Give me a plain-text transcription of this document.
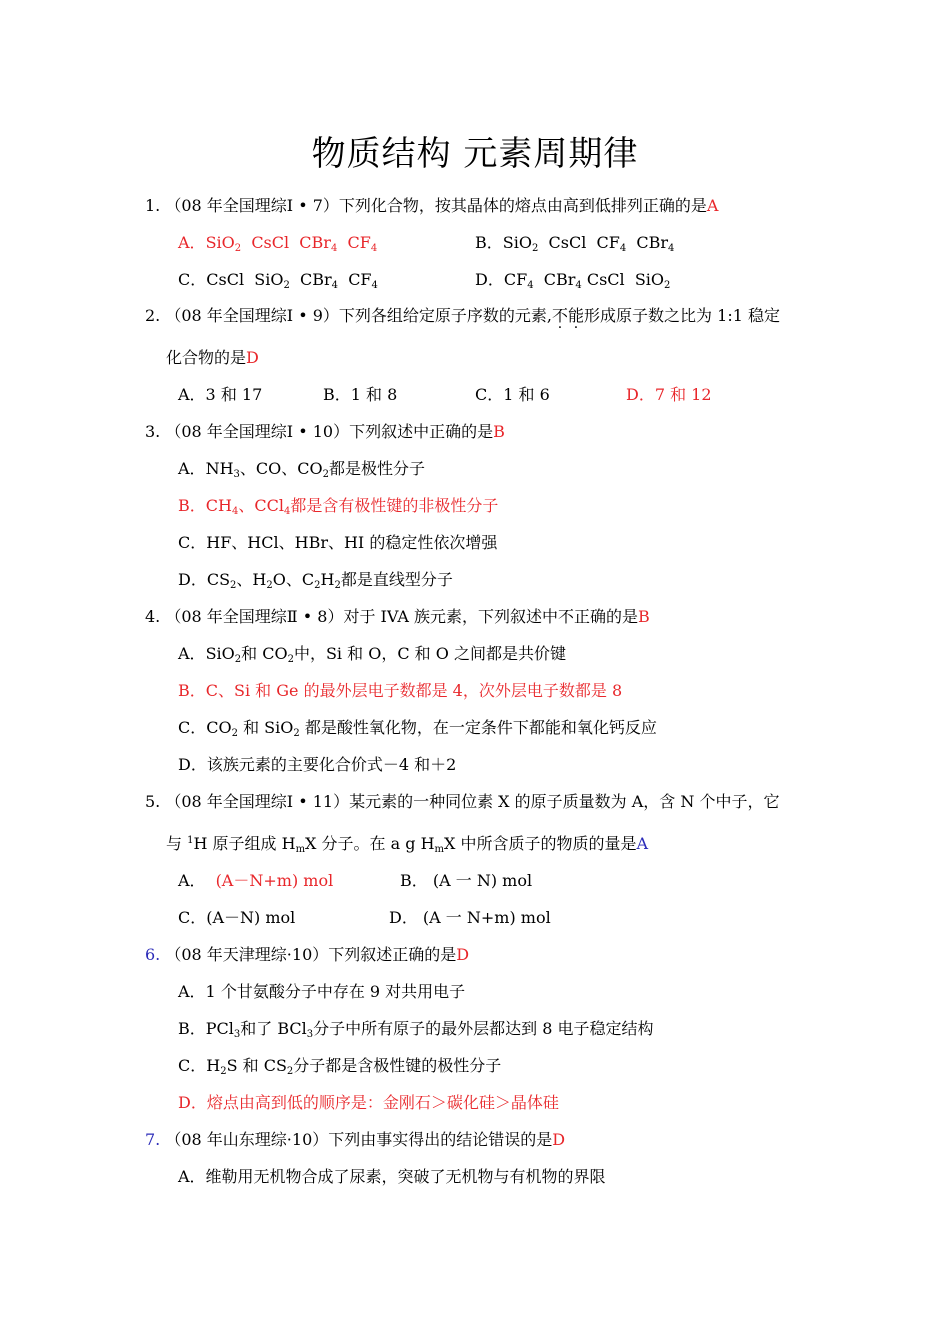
物质结构 元素周期律
1. （08 年全国理综Ⅰ • 7）下列化合物，按其晶体的熔点由高到低排列正确的是A
A．SiO$_2$  CsCl  CBr$_4$  $CF_4$	B．SiO$_2$  CsCl  $CF_4$  CBr$_4$
C．CsCl  SiO$_2$  CBr$_4$  $CF_4$	D．$CF_4$  CBr$_4$ CsCl  SiO$_2$
2. （08 年全国理综Ⅰ • 9）下列各组给定原子序数的元素,不能形成原子数之比为 1:1 稳定
化合物的是D
A．3 和 17	B．1 和 8	C．1 和 6	D．7 和 12
3. （08 年全国理综Ⅰ • 10）下列叙述中正确的是B
A．$NH_3$、CO、$CO_2$都是极性分子
B．$CH_4$、CCl$_4$都是含有极性键的非极性分子
C．HF、HCl、HBr、HI 的稳定性依次增强
D．$CS_2$、$H_2O$、$C_2H_2$都是直线型分子
4. （08 年全国理综Ⅱ • 8）对于 IVA 族元素，下列叙述中不正确的是B
A．SiO$_2$和 $CO_2$中，Si 和 O，C 和 O 之间都是共价键
B．C、Si 和 Ge 的最外层电子数都是 4，次外层电子数都是 8
C．$CO_2$ 和 SiO$_2$ 都是酸性氧化物，在一定条件下都能和氧化钙反应
D．该族元素的主要化合价式－4 和＋2
5. （08 年全国理综Ⅰ • 11）某元素的一种同位素 X 的原子质量数为 A，含 N 个中子，它
与 $^1$H 原子组成 $H_mX$ 分子。在 a g $H_mX$ 中所含质子的物质的量是A
A． (A－N+m) mol	B． (A 一 N) mol
C．(A－N) mol	D． (A 一 N+m) mol
6. （08 年天津理综·10）下列叙述正确的是D
A．1 个甘氨酸分子中存在 9 对共用电子
B．PCl$_3$和了 BCl$_3$分子中所有原子的最外层都达到 8 电子稳定结构
C．$H_2S$ 和 $CS_2$分子都是含极性键的极性分子
D．熔点由高到低的顺序是：金刚石＞碳化硅＞晶体硅
7. （08 年山东理综·10）下列由事实得出的结论错误的是D
A．维勒用无机物合成了尿素，突破了无机物与有机物的界限
